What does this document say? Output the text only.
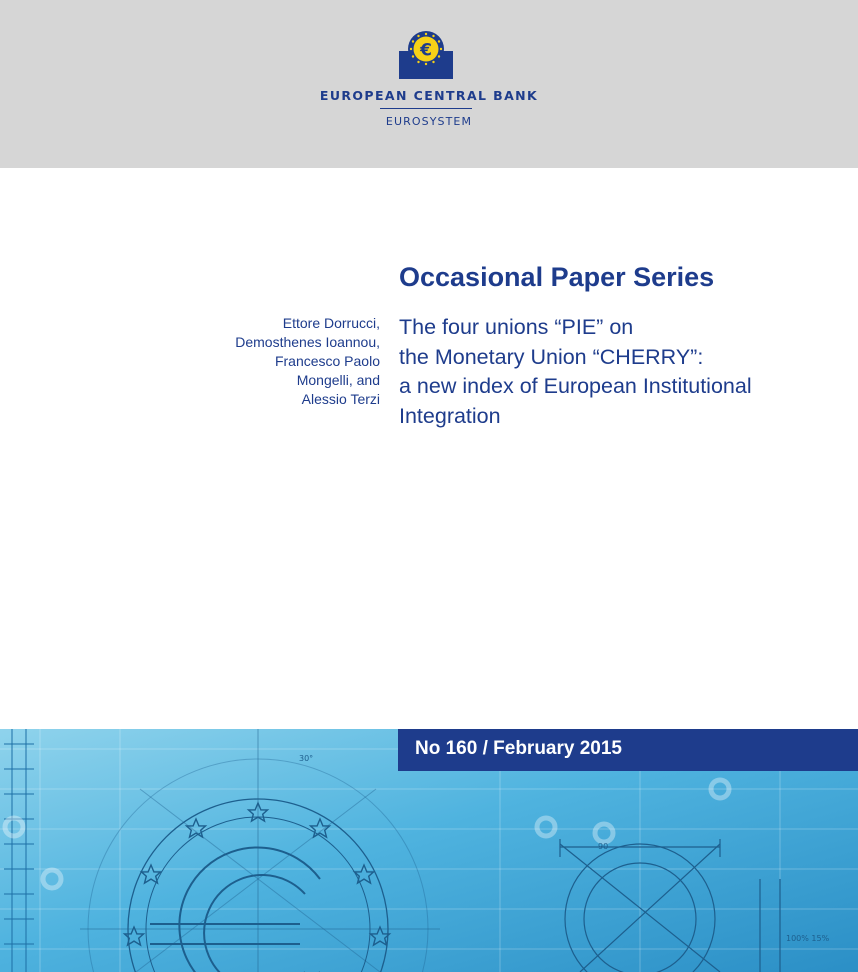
€
EUROPEAN CENTRAL BANK
EUROSYSTEM
Occasional Paper Series
Ettore Dorrucci,
Demosthenes Ioannou,
Francesco Paolo
Mongelli, and
Alessio Terzi
The four unions “PIE” on
the Monetary Union “CHERRY”:
a new index of European Institutional
Integration
30°
90
100% 15%
No 160 / February 2015
